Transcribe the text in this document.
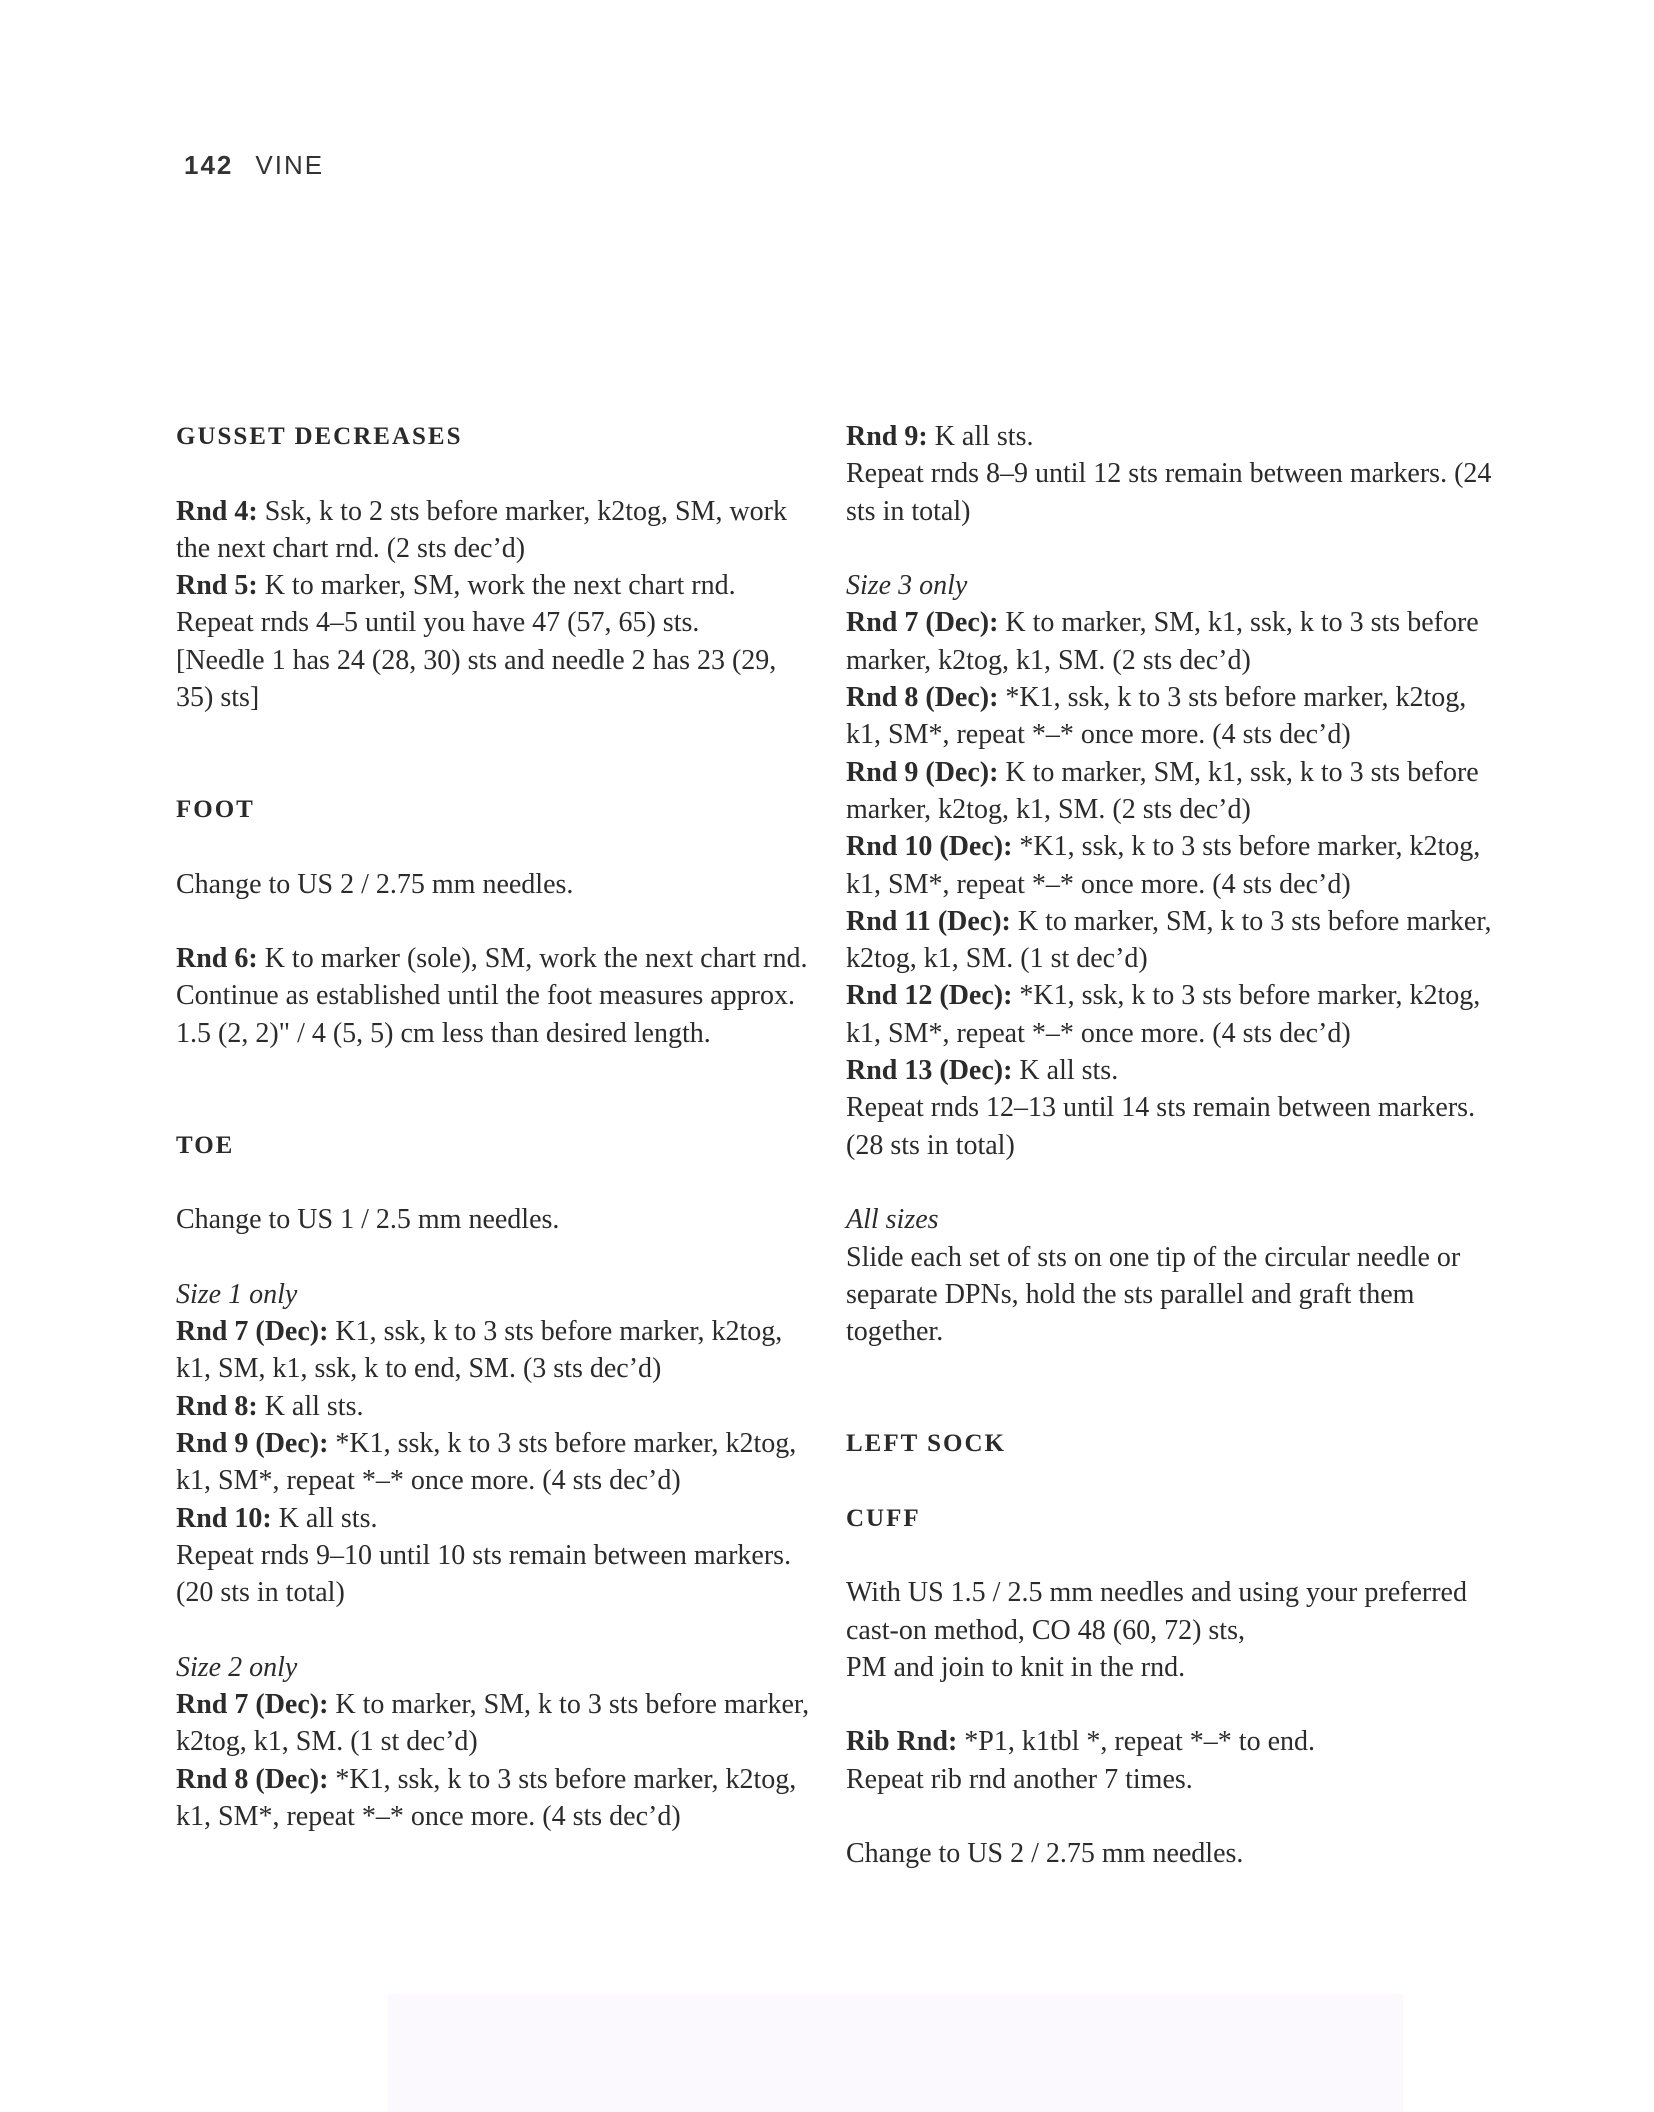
142 VINE

GUSSET DECREASES

Rnd 4: Ssk, k to 2 sts before marker, k2tog, SM, work the next chart rnd. (2 sts dec’d)

Rnd 5: K to marker, SM, work the next chart rnd.

Repeat rnds 4–5 until you have 47 (57, 65) sts.

[Needle 1 has 24 (28, 30) sts and needle 2 has 23 (29, 35) sts]

FOOT

Change to US 2 / 2.75 mm needles.

Rnd 6: K to marker (sole), SM, work the next chart rnd.

Continue as established until the foot measures approx. 1.5 (2, 2)" / 4 (5, 5) cm less than desired length.

TOE

Change to US 1 / 2.5 mm needles.

Size 1 only

Rnd 7 (Dec): K1, ssk, k to 3 sts before marker, k2tog, k1, SM, k1, ssk, k to end, SM. (3 sts dec’d)

Rnd 8: K all sts.

Rnd 9 (Dec): *K1, ssk, k to 3 sts before marker, k2tog, k1, SM*, repeat *–* once more. (4 sts dec’d)

Rnd 10: K all sts.

Repeat rnds 9–10 until 10 sts remain between markers. (20 sts in total)

Size 2 only

Rnd 7 (Dec): K to marker, SM, k to 3 sts before marker, k2tog, k1, SM. (1 st dec’d)

Rnd 8 (Dec): *K1, ssk, k to 3 sts before marker, k2tog, k1, SM*, repeat *–* once more. (4 sts dec’d)

Rnd 9: K all sts.

Repeat rnds 8–9 until 12 sts remain between markers. (24 sts in total)

Size 3 only

Rnd 7 (Dec): K to marker, SM, k1, ssk, k to 3 sts before marker, k2tog, k1, SM. (2 sts dec’d)

Rnd 8 (Dec): *K1, ssk, k to 3 sts before marker, k2tog, k1, SM*, repeat *–* once more. (4 sts dec’d)

Rnd 9 (Dec): K to marker, SM, k1, ssk, k to 3 sts before marker, k2tog, k1, SM. (2 sts dec’d)

Rnd 10 (Dec): *K1, ssk, k to 3 sts before marker, k2tog, k1, SM*, repeat *–* once more. (4 sts dec’d)

Rnd 11 (Dec): K to marker, SM, k to 3 sts before marker, k2tog, k1, SM. (1 st dec’d)

Rnd 12 (Dec): *K1, ssk, k to 3 sts before marker, k2tog, k1, SM*, repeat *–* once more. (4 sts dec’d)

Rnd 13 (Dec): K all sts.

Repeat rnds 12–13 until 14 sts remain between markers. (28 sts in total)

All sizes

Slide each set of sts on one tip of the circular needle or separate DPNs, hold the sts parallel and graft them together.

LEFT SOCK

CUFF

With US 1.5 / 2.5 mm needles and using your preferred cast-on method, CO 48 (60, 72) sts,

PM and join to knit in the rnd.

Rib Rnd: *P1, k1tbl *, repeat *–* to end.

Repeat rib rnd another 7 times.

Change to US 2 / 2.75 mm needles.
